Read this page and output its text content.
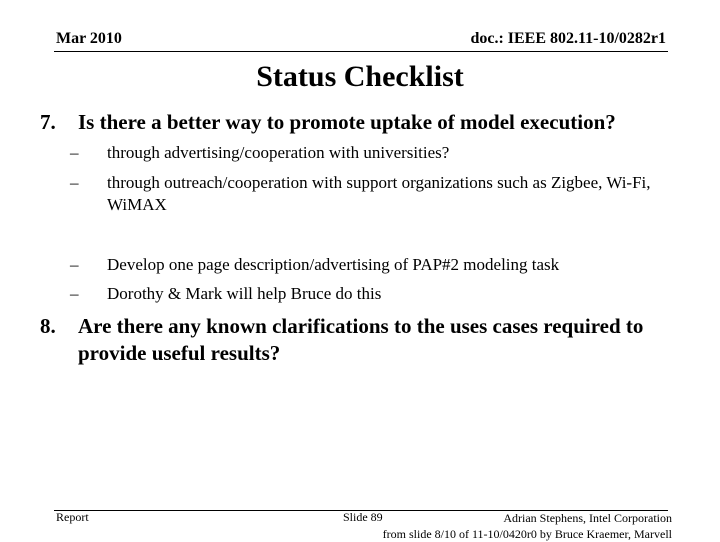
Mar 2010	doc.: IEEE 802.11-10/0282r1
Status Checklist
7.	Is there a better way to promote uptake of model execution?
– through advertising/cooperation with universities?
– through outreach/cooperation with support organizations such as Zigbee, Wi-Fi, WiMAX
– Develop one page description/advertising of PAP#2 modeling task
– Dorothy & Mark will help Bruce do this
8.	Are there any known clarifications to the uses cases required to provide useful results?
Report	Slide 89	Adrian Stephens, Intel Corporation
from slide 8/10 of 11-10/0420r0 by Bruce Kraemer, Marvell
